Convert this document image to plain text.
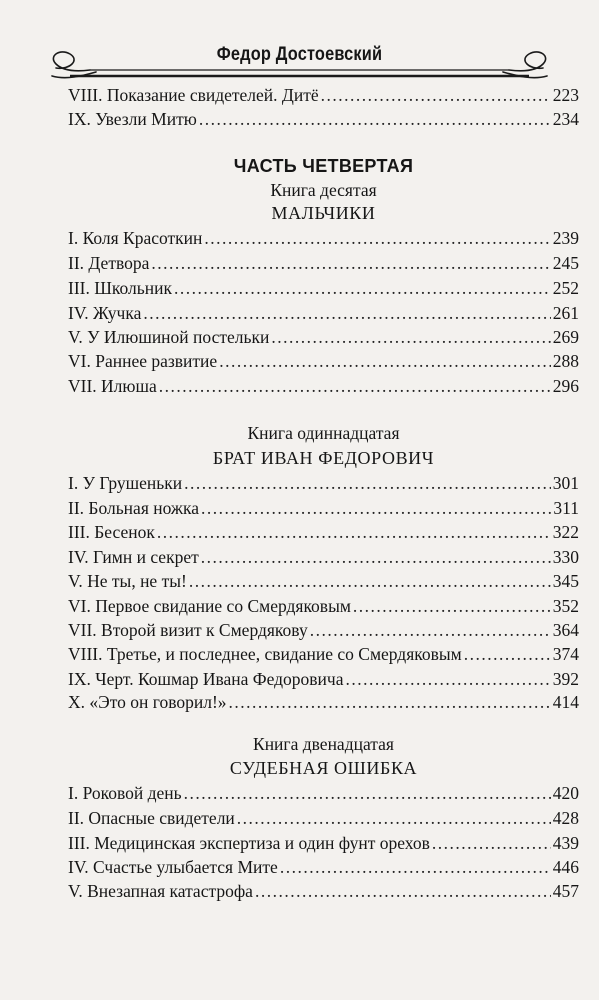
Федор Достоевский
VIII. Показание свидетелей. Дитё .....	223
IX. Увезли Митю .....	234
ЧАСТЬ ЧЕТВЕРТАЯ
Книга десятая
МАЛЬЧИКИ
I. Коля Красоткин .....	239
II. Детвора .....	245
III. Школьник .....	252
IV. Жучка .....	261
V. У Илюшиной постельки .....	269
VI. Раннее развитие .....	288
VII. Илюша .....	296
Книга одиннадцатая
БРАТ ИВАН ФЕДОРОВИЧ
I. У Грушеньки .....	301
II. Больная ножка .....	311
III. Бесенок .....	322
IV. Гимн и секрет .....	330
V. Не ты, не ты! .....	345
VI. Первое свидание со Смердяковым .....	352
VII. Второй визит к Смердякову .....	364
VIII. Третье, и последнее, свидание со Смердяковым .....	374
IX. Черт. Кошмар Ивана Федоровича .....	392
X. «Это он говорил!» .....	414
Книга двенадцатая
СУДЕБНАЯ ОШИБКА
I. Роковой день .....	420
II. Опасные свидетели .....	428
III. Медицинская экспертиза и один фунт орехов .....	439
IV. Счастье улыбается Мите .....	446
V. Внезапная катастрофа .....	457
